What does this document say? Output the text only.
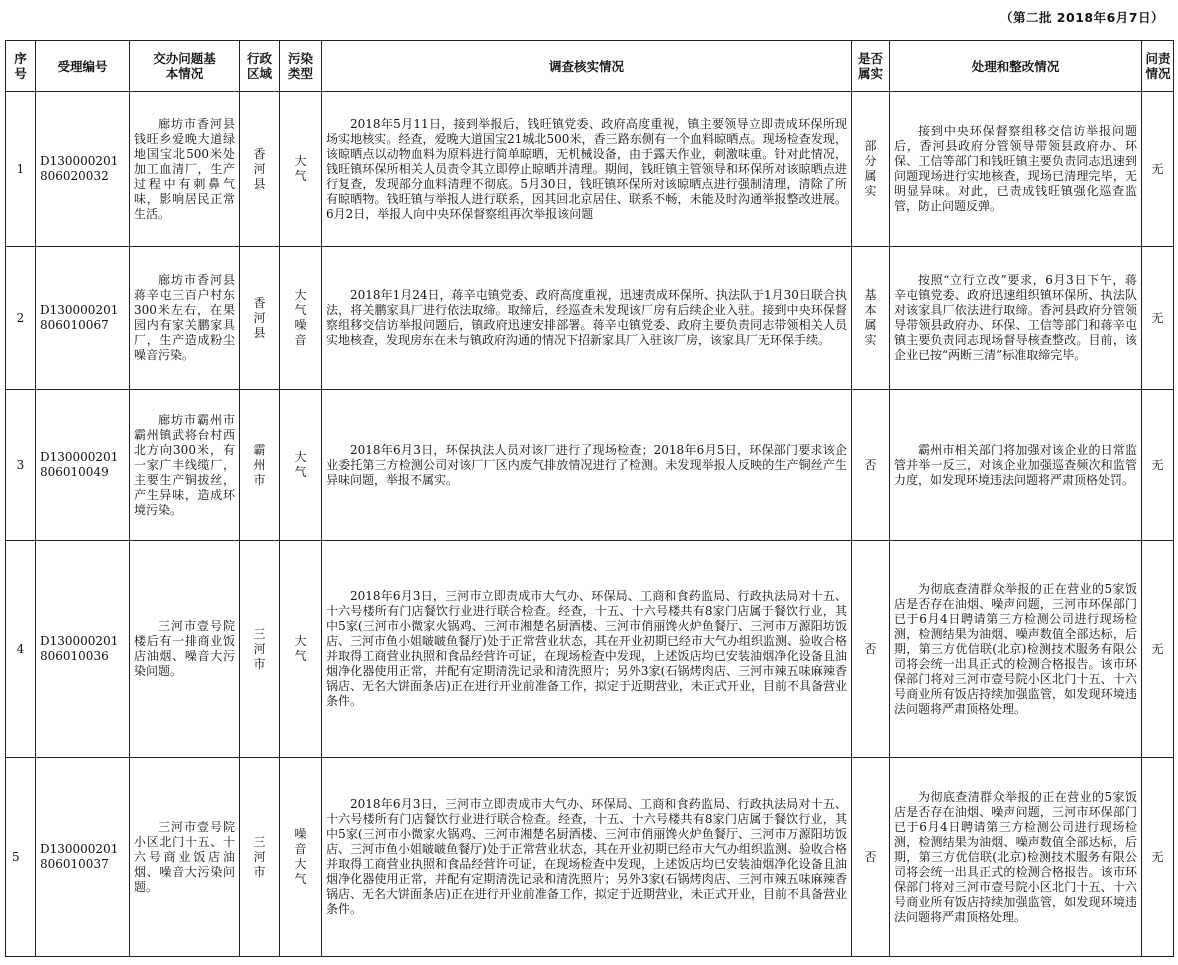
（第二批 2018年6月7日）
序号	受理编号	交办问题基本情况	行政区域	污染类型	调查核实情况	是否属实	处理和整改情况	问责情况
1	D130000201806020032	廊坊市香河县钱旺乡爱晚大道绿地国宝北500米处加工血清厂，生产过程中有刺鼻气味，影响居民正常生活。	香河县	大气	2018年5月11日，接到举报后，钱旺镇党委、政府高度重视，镇主要领导立即责成环保所现场实地核实。经查，爱晚大道国宝21城北500米，香三路东侧有一个血料晾晒点。现场检查发现，该晾晒点以动物血料为原料进行简单晾晒，无机械设备，由于露天作业，刺激味重。针对此情况，钱旺镇环保所相关人员责令其立即停止晾晒并清理。期间，钱旺镇主管领导和环保所对该晾晒点进行复查，发现部分血料清理不彻底。5月30日，钱旺镇环保所对该晾晒点进行强制清理，清除了所有晾晒物。钱旺镇与举报人进行联系，因其回北京居住、联系不畅，未能及时沟通举报整改进展。6月2日，举报人向中央环保督察组再次举报该问题	部分属实	接到中央环保督察组移交信访举报问题后，香河县政府分管领导带领县政府办、环保、工信等部门和钱旺镇主要负责同志迅速到问题现场进行实地核查，现场已清理完毕，无明显异味。对此，已责成钱旺镇强化巡查监管，防止问题反弹。	无
2	D130000201806010067	廊坊市香河县蒋辛屯三百户村东300米左右，在果园内有家关鹏家具厂，生产造成粉尘噪音污染。	香河县	大气噪音	2018年1月24日，蒋辛屯镇党委、政府高度重视，迅速责成环保所、执法队于1月30日联合执法，将关鹏家具厂进行依法取缔。取缔后，经巡查未发现该厂房有后续企业入驻。接到中央环保督察组移交信访举报问题后，镇政府迅速安排部署。蒋辛屯镇党委、政府主要负责同志带领相关人员实地核查，发现房东在未与镇政府沟通的情况下招新家具厂入驻该厂房，该家具厂无环保手续。	基本属实	按照“立行立改”要求，6月3日下午，蒋辛屯镇党委、政府迅速组织镇环保所、执法队对该家具厂依法进行取缔。香河县政府分管领导带领县政府办、环保、工信等部门和蒋辛屯镇主要负责同志现场督导核查整改。目前，该企业已按“两断三清”标准取缔完毕。	无
3	D130000201806010049	廊坊市霸州市霸州镇武将台村西北方向300米，有一家广丰线缆厂，主要生产铜拔丝，产生异味，造成环境污染。	霸州市	大气	2018年6月3日，环保执法人员对该厂进行了现场检查；2018年6月5日，环保部门要求该企业委托第三方检测公司对该厂厂区内废气排放情况进行了检测。未发现举报人反映的生产铜丝产生异味问题，举报不属实。	否	霸州市相关部门将加强对该企业的日常监管并举一反三，对该企业加强巡查频次和监管力度，如发现环境违法问题将严肃顶格处罚。	无
4	D130000201806010036	三河市壹号院楼后有一排商业饭店油烟、噪音大污染问题。	三河市	大气	2018年6月3日，三河市立即责成市大气办、环保局、工商和食药监局、行政执法局对十五、十六号楼所有门店餐饮行业进行联合检查。经查，十五、十六号楼共有8家门店属于餐饮行业，其中5家(三河市小微家火锅鸡、三河市湘楚名厨酒楼、三河市俏丽馋火炉鱼餐厅、三河市万源阳坊饭店、三河市鱼小姐啵啵鱼餐厅)处于正常营业状态，其在开业初期已经市大气办组织监测、验收合格并取得工商营业执照和食品经营许可证，在现场检查中发现，上述饭店均已安装油烟净化设备且油烟净化器使用正常，并配有定期清洗记录和清洗照片；另外3家(石锅烤肉店、三河市辣五味麻辣香锅店、无名大饼面条店)正在进行开业前准备工作，拟定于近期营业，未正式开业，目前不具备营业条件。	否	为彻底查清群众举报的正在营业的5家饭店是否存在油烟、噪声问题，三河市环保部门已于6月4日聘请第三方检测公司进行现场检测，检测结果为油烟、噪声数值全部达标，后期，第三方优信联(北京)检测技术服务有限公司将会统一出具正式的检测合格报告。该市环保部门将对三河市壹号院小区北门十五、十六号商业所有饭店持续加强监管，如发现环境违法问题将严肃顶格处理。	无
5	D130000201806010037	三河市壹号院小区北门十五、十六号商业饭店油烟、噪音大污染问题。	三河市	噪音大气	2018年6月3日，三河市立即责成市大气办、环保局、工商和食药监局、行政执法局对十五、十六号楼所有门店餐饮行业进行联合检查。经查，十五、十六号楼共有8家门店属于餐饮行业，其中5家(三河市小微家火锅鸡、三河市湘楚名厨酒楼、三河市俏丽馋火炉鱼餐厅、三河市万源阳坊饭店、三河市鱼小姐啵啵鱼餐厅)处于正常营业状态，其在开业初期已经市大气办组织监测、验收合格并取得工商营业执照和食品经营许可证，在现场检查中发现，上述饭店均已安装油烟净化设备且油烟净化器使用正常，并配有定期清洗记录和清洗照片；另外3家(石锅烤肉店、三河市辣五味麻辣香锅店、无名大饼面条店)正在进行开业前准备工作，拟定于近期营业，未正式开业，目前不具备营业条件。	否	为彻底查清群众举报的正在营业的5家饭店是否存在油烟、噪声问题，三河市环保部门已于6月4日聘请第三方检测公司进行现场检测，检测结果为油烟、噪声数值全部达标，后期，第三方优信联(北京)检测技术服务有限公司将会统一出具正式的检测合格报告。该市环保部门将对三河市壹号院小区北门十五、十六号商业所有饭店持续加强监管，如发现环境违法问题将严肃顶格处理。	无
